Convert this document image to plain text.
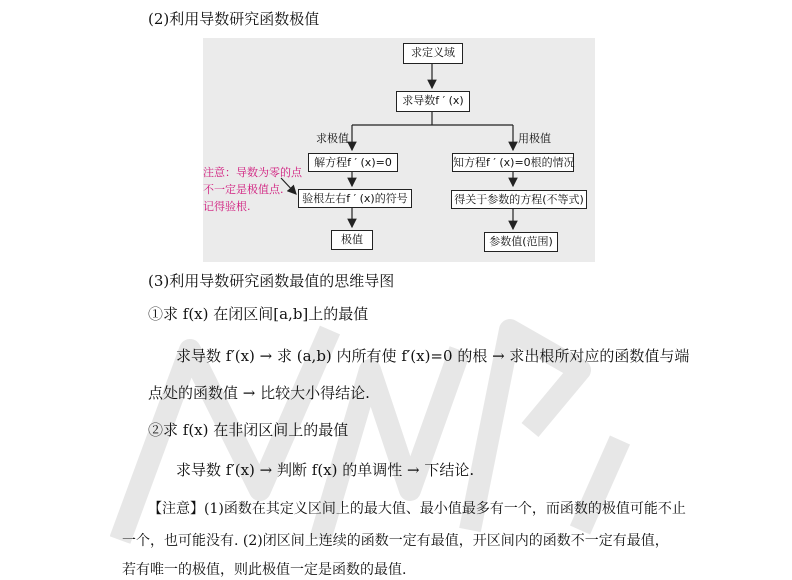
(2)利用导数研究函数极值
求定义域
求导数f ′ (x)
求极值	用极值
解方程f ′ (x)=0
验根左右f ′ (x)的符号
极值
知方程f ′ (x)=0根的情况
得关于参数的方程(不等式)
参数值(范围)
注意：导数为零的点
不一定是极值点.
记得验根.
(3)利用导数研究函数最值的思维导图
①求 f(x) 在闭区间[a,b]上的最值
求导数 f′(x) → 求 (a,b) 内所有使 f′(x)=0 的根 → 求出根所对应的函数值与端
点处的函数值 → 比较大小得结论.
②求 f(x) 在非闭区间上的最值
求导数 f′(x) → 判断 f(x) 的单调性 → 下结论.
【注意】(1)函数在其定义区间上的最大值、最小值最多有一个，而函数的极值可能不止
一个，也可能没有. (2)闭区间上连续的函数一定有最值，开区间内的函数不一定有最值，
若有唯一的极值，则此极值一定是函数的最值.
